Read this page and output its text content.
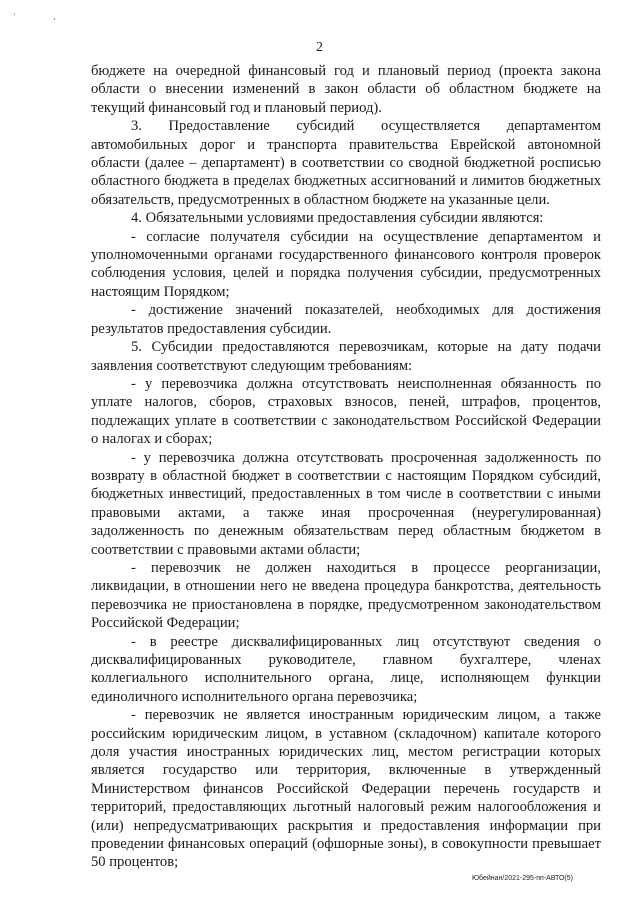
' ,
2

бюджете на очередной финансовый год и плановый период (проекта закона области о внесении изменений в закон области об областном бюджете на текущий финансовый год и плановый период).

3. Предоставление субсидий осуществляется департаментом автомобильных дорог и транспорта правительства Еврейской автономной области (далее – департамент) в соответствии со сводной бюджетной росписью областного бюджета в пределах бюджетных ассигнований и лимитов бюджетных обязательств, предусмотренных в областном бюджете на указанные цели.

4. Обязательными условиями предоставления субсидии являются:

- согласие получателя субсидии на осуществление департаментом и уполномоченными органами государственного финансового контроля проверок соблюдения условия, целей и порядка получения субсидии, предусмотренных настоящим Порядком;

- достижение значений показателей, необходимых для достижения результатов предоставления субсидии.

5. Субсидии предоставляются перевозчикам, которые на дату подачи заявления соответствуют следующим требованиям:

- у перевозчика должна отсутствовать неисполненная обязанность по уплате налогов, сборов, страховых взносов, пеней, штрафов, процентов, подлежащих уплате в соответствии с законодательством Российской Федерации о налогах и сборах;

- у перевозчика должна отсутствовать просроченная задолженность по возврату в областной бюджет в соответствии с настоящим Порядком субсидий, бюджетных инвестиций, предоставленных в том числе в соответствии с иными правовыми актами, а также иная просроченная (неурегулированная) задолженность по денежным обязательствам перед областным бюджетом в соответствии с правовыми актами области;

- перевозчик не должен находиться в процессе реорганизации, ликвидации, в отношении него не введена процедура банкротства, деятельность перевозчика не приостановлена в порядке, предусмотренном законодательством Российской Федерации;

- в реестре дисквалифицированных лиц отсутствуют сведения о дисквалифицированных руководителе, главном бухгалтере, членах коллегиального исполнительного органа, лице, исполняющем функции единоличного исполнительного органа перевозчика;

- перевозчик не является иностранным юридическим лицом, а также российским юридическим лицом, в уставном (складочном) капитале которого доля участия иностранных юридических лиц, местом регистрации которых является государство или территория, включенные в утвержденный Министерством финансов Российской Федерации перечень государств и территорий, предоставляющих льготный налоговый режим налогообложения и (или) непредусматривающих раскрытия и предоставления информации при проведении финансовых операций (офшорные зоны), в совокупности превышает 50 процентов;

Юбейнан/2021-295-пп-АВТО(5)
